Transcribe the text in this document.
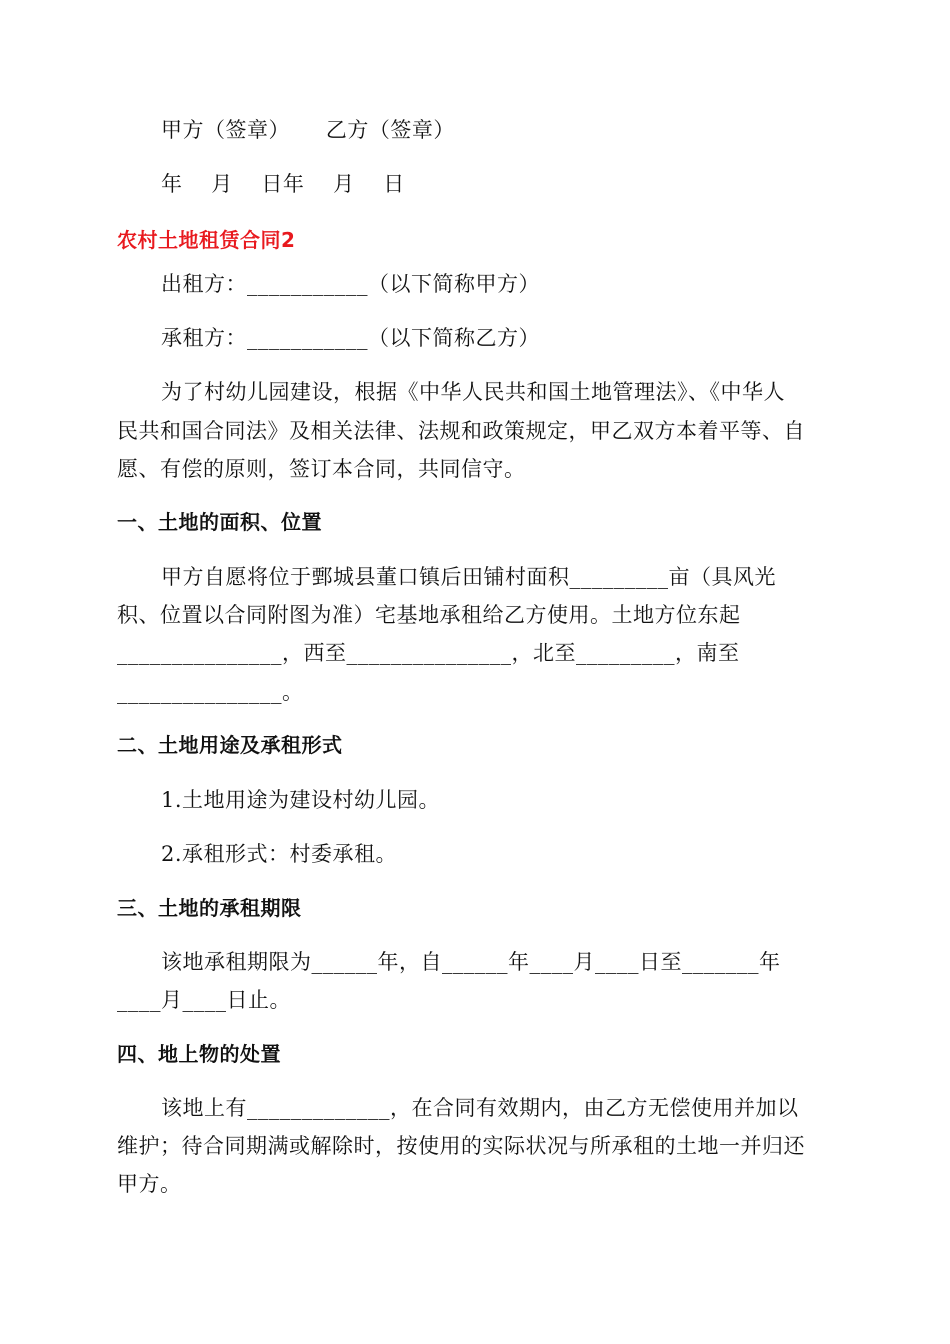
甲方（签章）     乙方（签章）
年    月    日年    月    日
农村土地租赁合同2
出租方：___________（以下简称甲方）
承租方：___________（以下简称乙方）
为了村幼儿园建设，根据《中华人民共和国土地管理法》、《中华人
民共和国合同法》及相关法律、法规和政策规定，甲乙双方本着平等、自
愿、有偿的原则，签订本合同，共同信守。
一、土地的面积、位置
甲方自愿将位于鄄城县董口镇后田铺村面积_________亩（具风光
积、位置以合同附图为准）宅基地承租给乙方使用。土地方位东起
_______________，西至_______________，北至_________，南至
_______________。
二、土地用途及承租形式
1.土地用途为建设村幼儿园。
2.承租形式：村委承租。
三、土地的承租期限
该地承租期限为______年，自______年____月____日至_______年
____月____日止。
四、地上物的处置
该地上有_____________，在合同有效期内，由乙方无偿使用并加以
维护；待合同期满或解除时，按使用的实际状况与所承租的土地一并归还
甲方。
